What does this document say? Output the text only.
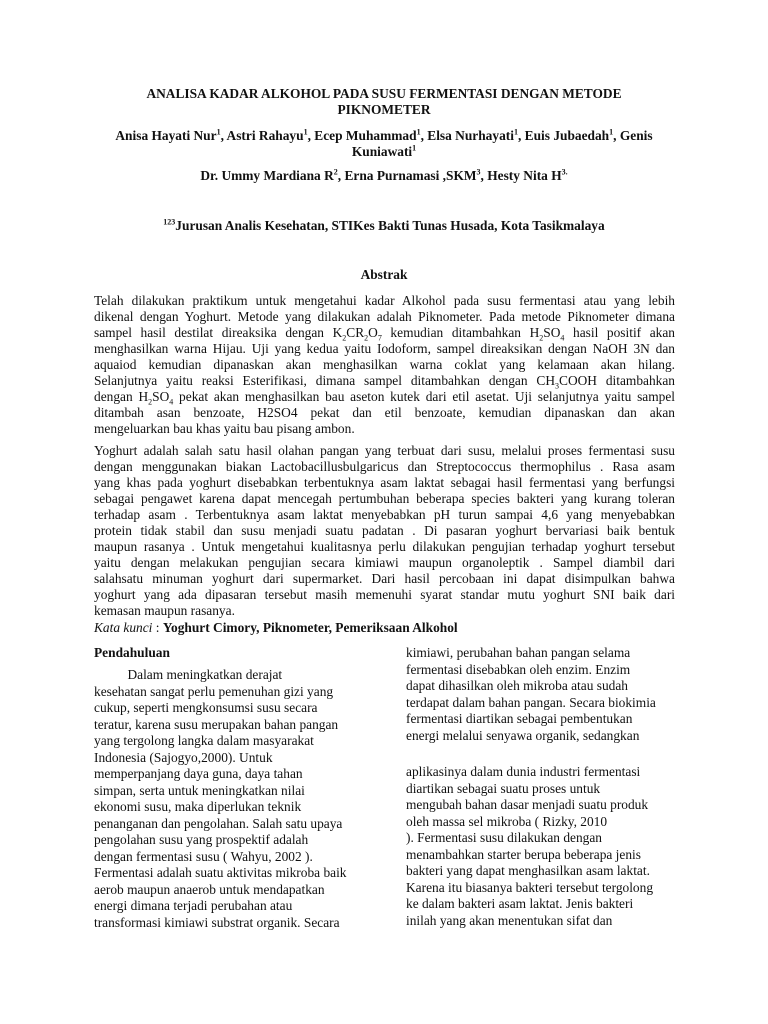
ANALISA KADAR ALKOHOL PADA SUSU FERMENTASI DENGAN METODE
PIKNOMETER
Anisa Hayati Nur$^1$, Astri Rahayu$^1$, Ecep Muhammad$^1$, Elsa Nurhayati$^1$, Euis Jubaedah$^1$, Genis Kuniawati$^1$
Dr. Ummy Mardiana $R^2$, Erna Purnamasi ,SKM$^3$, Hesty Nita $H^{3.}$
$^{123}$Jurusan Analis Kesehatan, STIKes Bakti Tunas Husada, Kota Tasikmalaya
Abstrak
Telah dilakukan praktikum untuk mengetahui kadar Alkohol pada susu fermentasi atau yang lebih
dikenal dengan Yoghurt. Metode yang dilakukan adalah Piknometer. Pada metode Piknometer dimana
sampel hasil destilat direaksika dengan $K_2CR_2O_7$ kemudian ditambahkan $H_2SO_4$ hasil positif akan
menghasilkan warna Hijau. Uji yang kedua yaitu Iodoform, sampel direaksikan dengan NaOH 3N dan
aquaiod kemudian dipanaskan akan menghasilkan warna coklat yang kelamaan akan hilang.
Selanjutnya yaitu reaksi Esterifikasi, dimana sampel ditambahkan dengan $CH_3COOH$ ditambahkan
dengan $H_2SO_4$ pekat akan menghasilkan bau aseton kutek dari etil asetat. Uji selanjutnya yaitu sampel
ditambah asan benzoate, H2SO4 pekat dan etil benzoate, kemudian dipanaskan dan akan
mengeluarkan bau khas yaitu bau pisang ambon.
Yoghurt adalah salah satu hasil olahan pangan yang terbuat dari susu, melalui proses fermentasi susu
dengan menggunakan biakan Lactobacillusbulgaricus dan Streptococcus thermophilus . Rasa asam
yang khas pada yoghurt disebabkan terbentuknya asam laktat sebagai hasil fermentasi yang berfungsi
sebagai pengawet karena dapat mencegah pertumbuhan beberapa species bakteri yang kurang toleran
terhadap asam . Terbentuknya asam laktat menyebabkan pH turun sampai 4,6 yang menyebabkan
protein tidak stabil dan susu menjadi suatu padatan . Di pasaran yoghurt bervariasi baik bentuk
maupun rasanya . Untuk mengetahui kualitasnya perlu dilakukan pengujian terhadap yoghurt tersebut
yaitu dengan melakukan pengujian secara kimiawi maupun organoleptik . Sampel diambil dari
salahsatu minuman yoghurt dari supermarket. Dari hasil percobaan ini dapat disimpulkan bahwa
yoghurt yang ada dipasaran tersebut masih memenuhi syarat standar mutu yoghurt SNI baik dari
kemasan maupun rasanya.
Kata kunci : Yoghurt Cimory, Piknometer, Pemeriksaan Alkohol
Pendahuluan
Dalam meningkatkan derajat
kesehatan sangat perlu pemenuhan gizi yang
cukup, seperti mengkonsumsi susu secara
teratur, karena susu merupakan bahan pangan
yang tergolong langka dalam masyarakat
Indonesia (Sajogyo,2000). Untuk
memperpanjang daya guna, daya tahan
simpan, serta untuk meningkatkan nilai
ekonomi susu, maka diperlukan teknik
penanganan dan pengolahan. Salah satu upaya
pengolahan susu yang prospektif adalah
dengan fermentasi susu ( Wahyu, 2002 ).
Fermentasi adalah suatu aktivitas mikroba baik
aerob maupun anaerob untuk mendapatkan
energi dimana terjadi perubahan atau
transformasi kimiawi substrat organik. Secara
kimiawi, perubahan bahan pangan selama
fermentasi disebabkan oleh enzim. Enzim
dapat dihasilkan oleh mikroba atau sudah
terdapat dalam bahan pangan. Secara biokimia
fermentasi diartikan sebagai pembentukan
energi melalui senyawa organik, sedangkan
aplikasinya dalam dunia industri fermentasi
diartikan sebagai suatu proses untuk
mengubah bahan dasar menjadi suatu produk
oleh massa sel mikroba ( Rizky, 2010
). Fermentasi susu dilakukan dengan
menambahkan starter berupa beberapa jenis
bakteri yang dapat menghasilkan asam laktat.
Karena itu biasanya bakteri tersebut tergolong
ke dalam bakteri asam laktat. Jenis bakteri
inilah yang akan menentukan sifat dan
